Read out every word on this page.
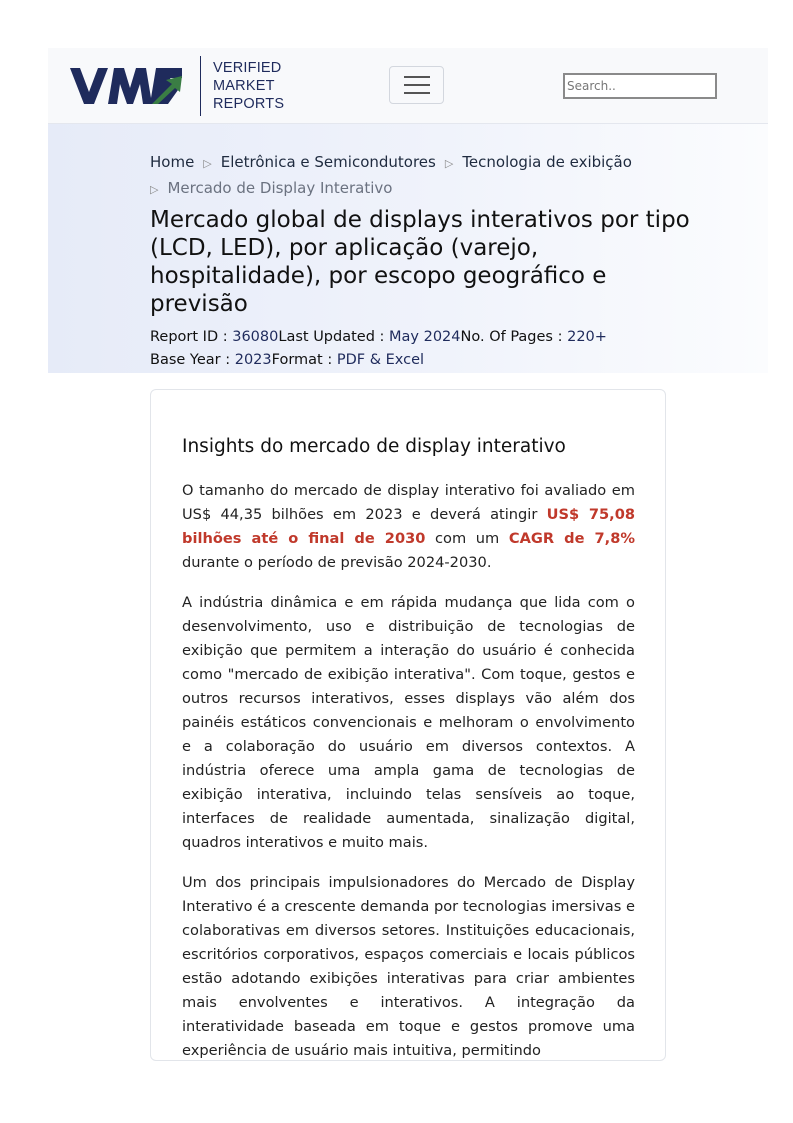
VERIFIED
MARKET
REPORTS
Search..
Home ▷ Eletrônica e Semicondutores ▷ Tecnologia de exibição
▷ Mercado de Display Interativo
Mercado global de displays interativos por tipo (LCD, LED), por aplicação (varejo, hospitalidade), por escopo geográfico e previsão
Report ID : 36080Last Updated : May 2024No. Of Pages : 220+
Base Year : 2023Format : PDF & Excel
Insights do mercado de display interativo

O tamanho do mercado de display interativo foi avaliado em US$ 44,35 bilhões em 2023 e deverá atingir US$ 75,08 bilhões até o final de 2030 com um CAGR de 7,8% durante o período de previsão 2024-2030.

A indústria dinâmica e em rápida mudança que lida com o desenvolvimento, uso e distribuição de tecnologias de exibição que permitem a interação do usuário é conhecida como "mercado de exibição interativa". Com toque, gestos e outros recursos interativos, esses displays vão além dos painéis estáticos convencionais e melhoram o envolvimento e a colaboração do usuário em diversos contextos. A indústria oferece uma ampla gama de tecnologias de exibição interativa, incluindo telas sensíveis ao toque, interfaces de realidade aumentada, sinalização digital, quadros interativos e muito mais.

Um dos principais impulsionadores do Mercado de Display Interativo é a crescente demanda por tecnologias imersivas e colaborativas em diversos setores. Instituições educacionais, escritórios corporativos, espaços comerciais e locais públicos estão adotando exibições interativas para criar ambientes mais envolventes e interativos. A integração da interatividade baseada em toque e gestos promove uma experiência de usuário mais intuitiva, permitindo
